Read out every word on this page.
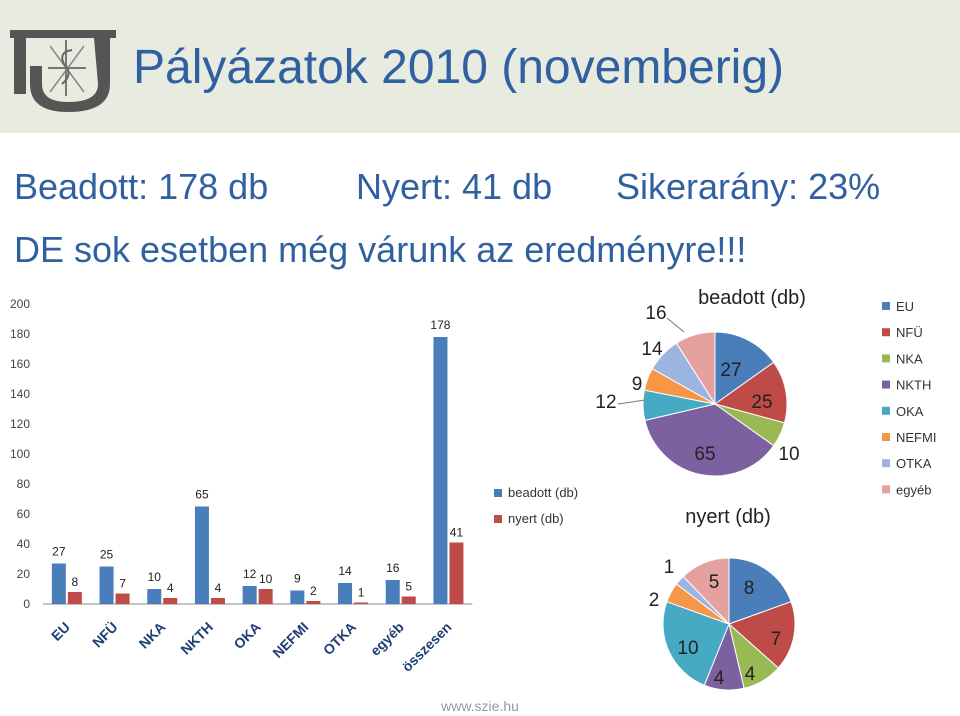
Pályázatok 2010 (novemberig)
Beadott: 178 db Nyert: 41 db Sikerarány: 23%
DE sok esetben még várunk az eredményre!!!
0
20
40
60
80
100
120
140
160
180
200
27
8
EU
25
7
NFÜ
10
4
NKA
65
4
NKTH
12 10
OKA
9
2
NEFMI
14
1
OTKA
16
5
egyéb
178
41
összesen
beadott (db)
nyert (db)
beadott (db)
27
25
10
65
12
9
14
16
nyert (db)
8
7
4
4
10
2
1
5
EU
NFÜ
NKA
NKTH
OKA
NEFMI
OTKA
egyéb
www.szie.hu
